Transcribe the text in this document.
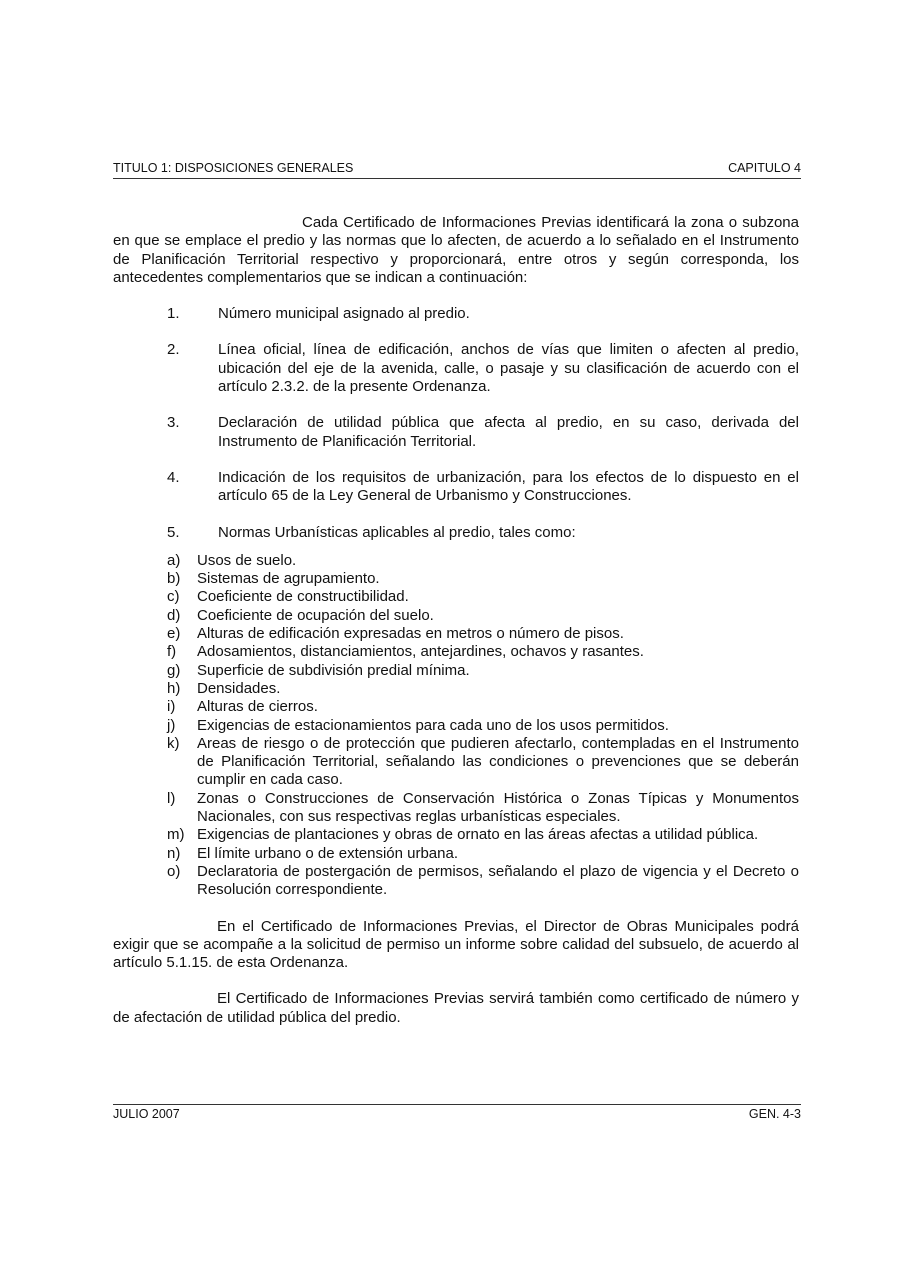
TITULO 1: DISPOSICIONES GENERALES	CAPITULO 4

Cada Certificado de Informaciones Previas identificará la zona o subzona en que se emplace el predio y las normas que lo afecten, de acuerdo a lo señalado en el Instrumento de Planificación Territorial respectivo y proporcionará, entre otros y según corresponda, los antecedentes complementarios que se indican a continuación:

1.	Número municipal asignado al predio.
2.	Línea oficial, línea de edificación, anchos de vías que limiten o afecten al predio, ubicación del eje de la avenida, calle, o pasaje y su clasificación de acuerdo con el artículo 2.3.2. de la presente Ordenanza.
3.	Declaración de utilidad pública que afecta al predio, en su caso, derivada del Instrumento de Planificación Territorial.
4.	Indicación de los requisitos de urbanización, para los efectos de lo dispuesto en el artículo 65 de la Ley General de Urbanismo y Construcciones.
5.	Normas Urbanísticas aplicables al predio, tales como:
a)	Usos de suelo.
b)	Sistemas de agrupamiento.
c)	Coeficiente de constructibilidad.
d)	Coeficiente de ocupación del suelo.
e)	Alturas de edificación expresadas en metros o número de pisos.
f)	Adosamientos, distanciamientos, antejardines, ochavos y rasantes.
g)	Superficie de subdivisión predial mínima.
h)	Densidades.
i)	Alturas de cierros.
j)	Exigencias de estacionamientos para cada uno de los usos permitidos.
k)	Areas de riesgo o de protección que pudieren afectarlo, contempladas en el Instrumento de Planificación Territorial, señalando las condiciones o prevenciones que se deberán cumplir en cada caso.
l)	Zonas o Construcciones de Conservación Histórica o Zonas Típicas y Monumentos Nacionales, con sus respectivas reglas urbanísticas especiales.
m) Exigencias de plantaciones y obras de ornato en las áreas afectas a utilidad pública.
n)	El límite urbano o de extensión urbana.
o)	Declaratoria de postergación de permisos, señalando el plazo de vigencia y el Decreto o Resolución correspondiente.

En el Certificado de Informaciones Previas, el Director de Obras Municipales podrá exigir que se acompañe a la solicitud de permiso un informe sobre calidad del subsuelo, de acuerdo al artículo 5.1.15. de esta Ordenanza.

El Certificado de Informaciones Previas servirá también como certificado de número y de afectación de utilidad pública del predio.

JULIO 2007	GEN. 4-3
